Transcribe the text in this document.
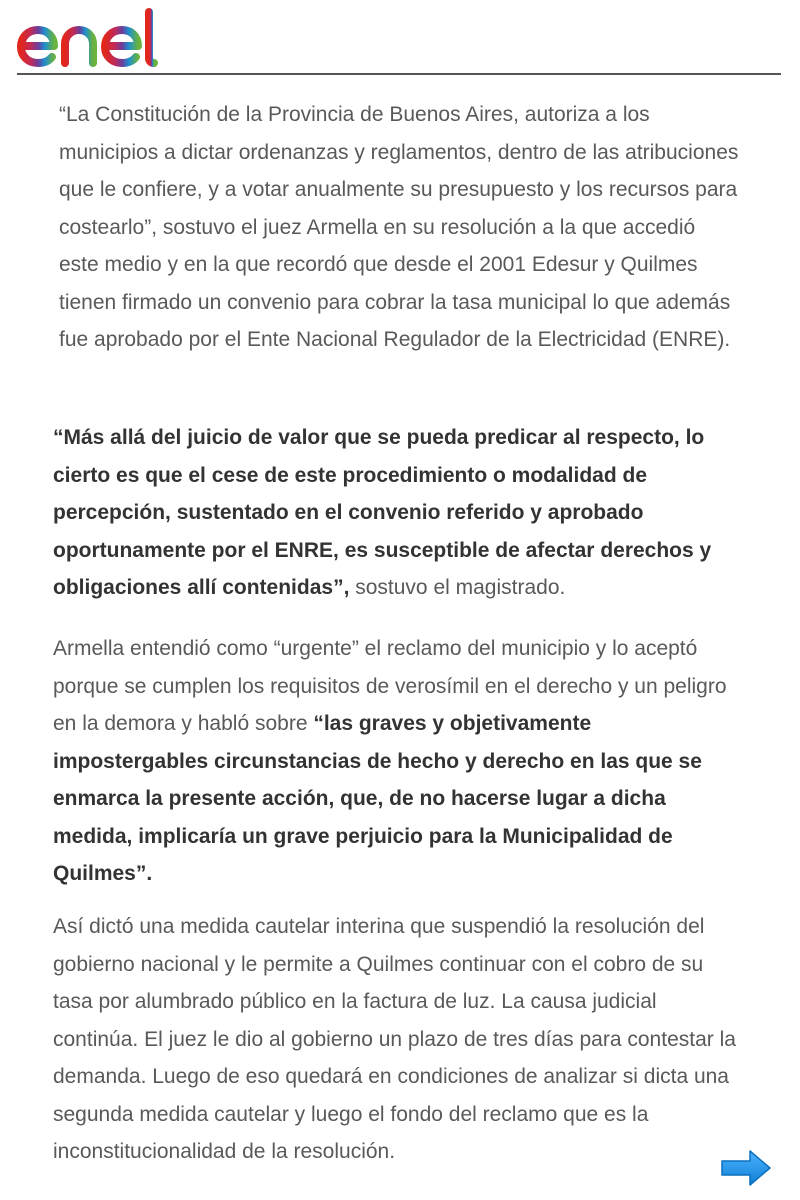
“La Constitución de la Provincia de Buenos Aires, autoriza a los municipios a dictar ordenanzas y reglamentos, dentro de las atribuciones que le confiere, y a votar anualmente su presupuesto y los recursos para costearlo”, sostuvo el juez Armella en su resolución a la que accedió este medio y en la que recordó que desde el 2001 Edesur y Quilmes tienen firmado un convenio para cobrar la tasa municipal lo que además fue aprobado por el Ente Nacional Regulador de la Electricidad (ENRE).

“Más allá del juicio de valor que se pueda predicar al respecto, lo cierto es que el cese de este procedimiento o modalidad de percepción, sustentado en el convenio referido y aprobado oportunamente por el ENRE, es susceptible de afectar derechos y obligaciones allí contenidas”, sostuvo el magistrado.

Armella entendió como “urgente” el reclamo del municipio y lo aceptó porque se cumplen los requisitos de verosímil en el derecho y un peligro en la demora y habló sobre “las graves y objetivamente impostergables circunstancias de hecho y derecho en las que se enmarca la presente acción, que, de no hacerse lugar a dicha medida, implicaría un grave perjuicio para la Municipalidad de Quilmes”.

Así dictó una medida cautelar interina que suspendió la resolución del gobierno nacional y le permite a Quilmes continuar con el cobro de su tasa por alumbrado público en la factura de luz. La causa judicial continúa. El juez le dio al gobierno un plazo de tres días para contestar la demanda. Luego de eso quedará en condiciones de analizar si dicta una segunda medida cautelar y luego el fondo del reclamo que es la inconstitucionalidad de la resolución.
